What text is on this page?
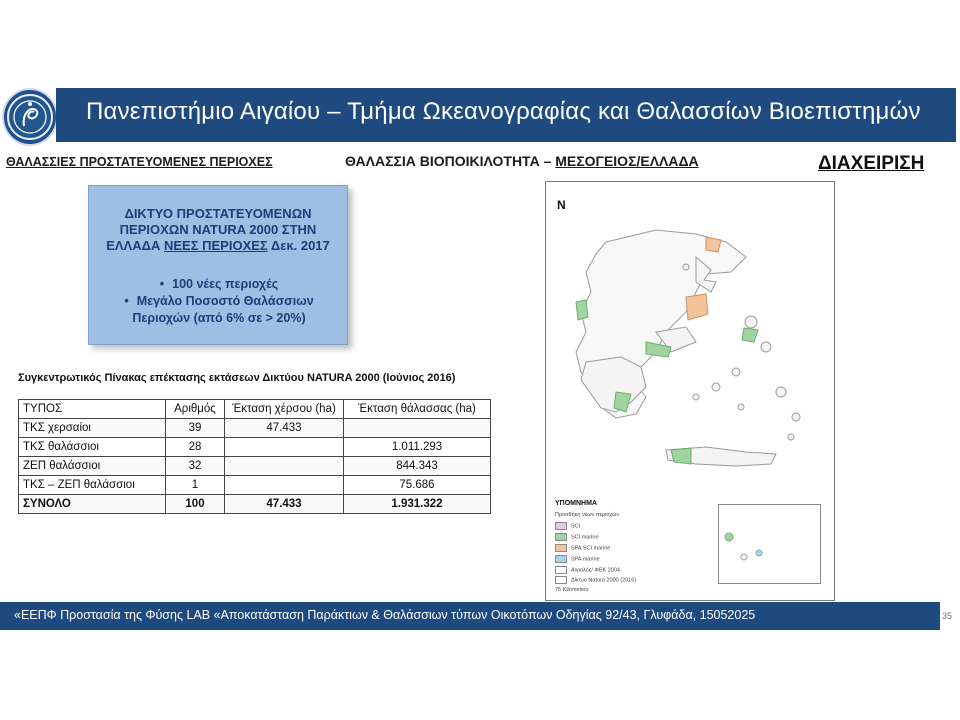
Πανεπιστήμιο Αιγαίου – Τμήμα Ωκεανογραφίας και Θαλασσίων Βιοεπιστημών
ΘΑΛΑΣΣΙΕΣ ΠΡΟΣΤΑΤΕΥΟΜΕΝΕΣ ΠΕΡΙΟΧΕΣ	ΘΑΛΑΣΣΙΑ ΒΙΟΠΟΙΚΙΛΟΤΗΤΑ – ΜΕΣΟΓΕΙΟΣ/ΕΛΛΑΔΑ	ΔΙΑΧΕΙΡΙΣΗ
ΔΙΚΤΥΟ ΠΡΟΣΤΑΤΕΥΟΜΕΝΩΝ
ΠΕΡΙΟΧΩΝ NATURA 2000 ΣΤΗΝ
ΕΛΛΑΔΑ ΝΕΕΣ ΠΕΡΙΟΧΕΣ Δεκ. 2017
• 100 νέες περιοχές
• Μεγάλο Ποσοστό Θαλάσσιων Περιοχών (από 6% σε > 20%)
Συγκεντρωτικός Πίνακας επέκτασης εκτάσεων Δικτύου NATURA 2000 (Ιούνιος 2016)
ΤΥΠΟΣ	Αριθμός	Έκταση χέρσου (ha)	Έκταση θάλασσας (ha)
ΤΚΣ χερσαίοι	39	47.433	
ΤΚΣ θαλάσσιοι	28		1.011.293
ΖΕΠ θαλάσσιοι	32		844.343
ΤΚΣ – ΖΕΠ θαλάσσιοι	1		75.686
ΣΥΝΟΛΟ	100	47.433	1.931.322
N
ΥΠΟΜΝΗΜΑ
Προσθήκη νέων περιοχών
SCI
SCI marine
SPA SCI marine
SPA marine
Αιγιαλός/ ΦΕΚ 2004
Δίκτυο Natura 2000 (2016)
75 Kilometers
«ΕΕΠΦ Προστασία της Φύσης LAB «Αποκατάσταση Παράκτιων & Θαλάσσιων τύπων Οικοτόπων Οδηγίας 92/43, Γλυφάδα, 15052025	35
